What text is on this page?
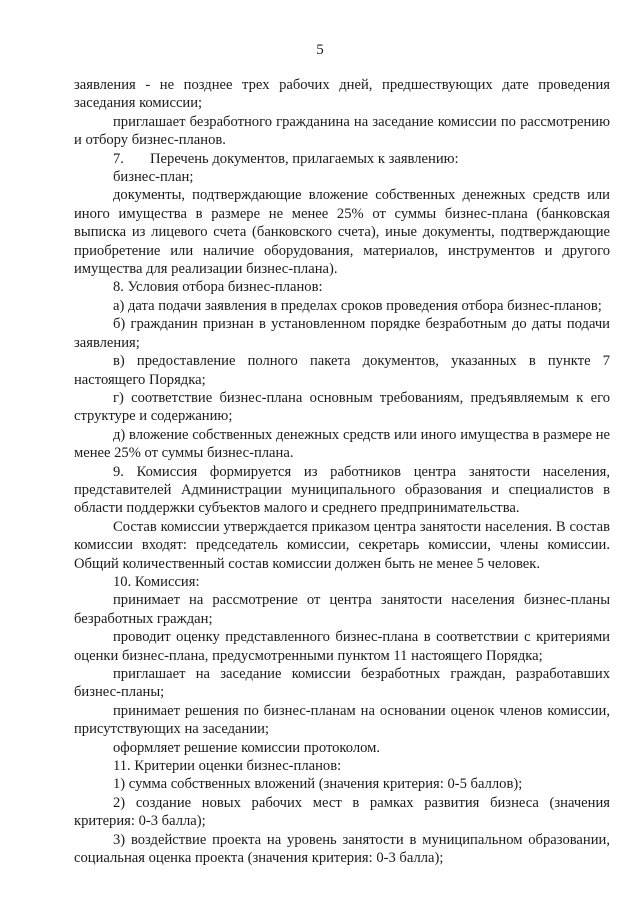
5

заявления - не позднее трех рабочих дней, предшествующих дате проведения заседания комиссии;

приглашает безработного гражданина на заседание комиссии по рассмотрению и отбору бизнес-планов.

7. Перечень документов, прилагаемых к заявлению:

бизнес-план;

документы, подтверждающие вложение собственных денежных средств или иного имущества в размере не менее 25% от суммы бизнес-плана (банковская выписка из лицевого счета (банковского счета), иные документы, подтверждающие приобретение или наличие оборудования, материалов, инструментов и другого имущества для реализации бизнес-плана).

8. Условия отбора бизнес-планов:

а) дата подачи заявления в пределах сроков проведения отбора бизнес-планов;

б) гражданин признан в установленном порядке безработным до даты подачи заявления;

в) предоставление полного пакета документов, указанных в пункте 7 настоящего Порядка;

г) соответствие бизнес-плана основным требованиям, предъявляемым к его структуре и содержанию;

д) вложение собственных денежных средств или иного имущества в размере не менее 25% от суммы бизнес-плана.

9. Комиссия формируется из работников центра занятости населения, представителей Администрации муниципального образования и специалистов в области поддержки субъектов малого и среднего предпринимательства.

Состав комиссии утверждается приказом центра занятости населения. В состав комиссии входят: председатель комиссии, секретарь комиссии, члены комиссии. Общий количественный состав комиссии должен быть не менее 5 человек.

10. Комиссия:

принимает на рассмотрение от центра занятости населения бизнес-планы безработных граждан;

проводит оценку представленного бизнес-плана в соответствии с критериями оценки бизнес-плана, предусмотренными пунктом 11 настоящего Порядка;

приглашает на заседание комиссии безработных граждан, разработавших бизнес-планы;

принимает решения по бизнес-планам на основании оценок членов комиссии, присутствующих на заседании;

оформляет решение комиссии протоколом.

11. Критерии оценки бизнес-планов:

1) сумма собственных вложений (значения критерия: 0-5 баллов);

2) создание новых рабочих мест в рамках развития бизнеса (значения критерия: 0-3 балла);

3) воздействие проекта на уровень занятости в муниципальном образовании, социальная оценка проекта (значения критерия: 0-3 балла);
